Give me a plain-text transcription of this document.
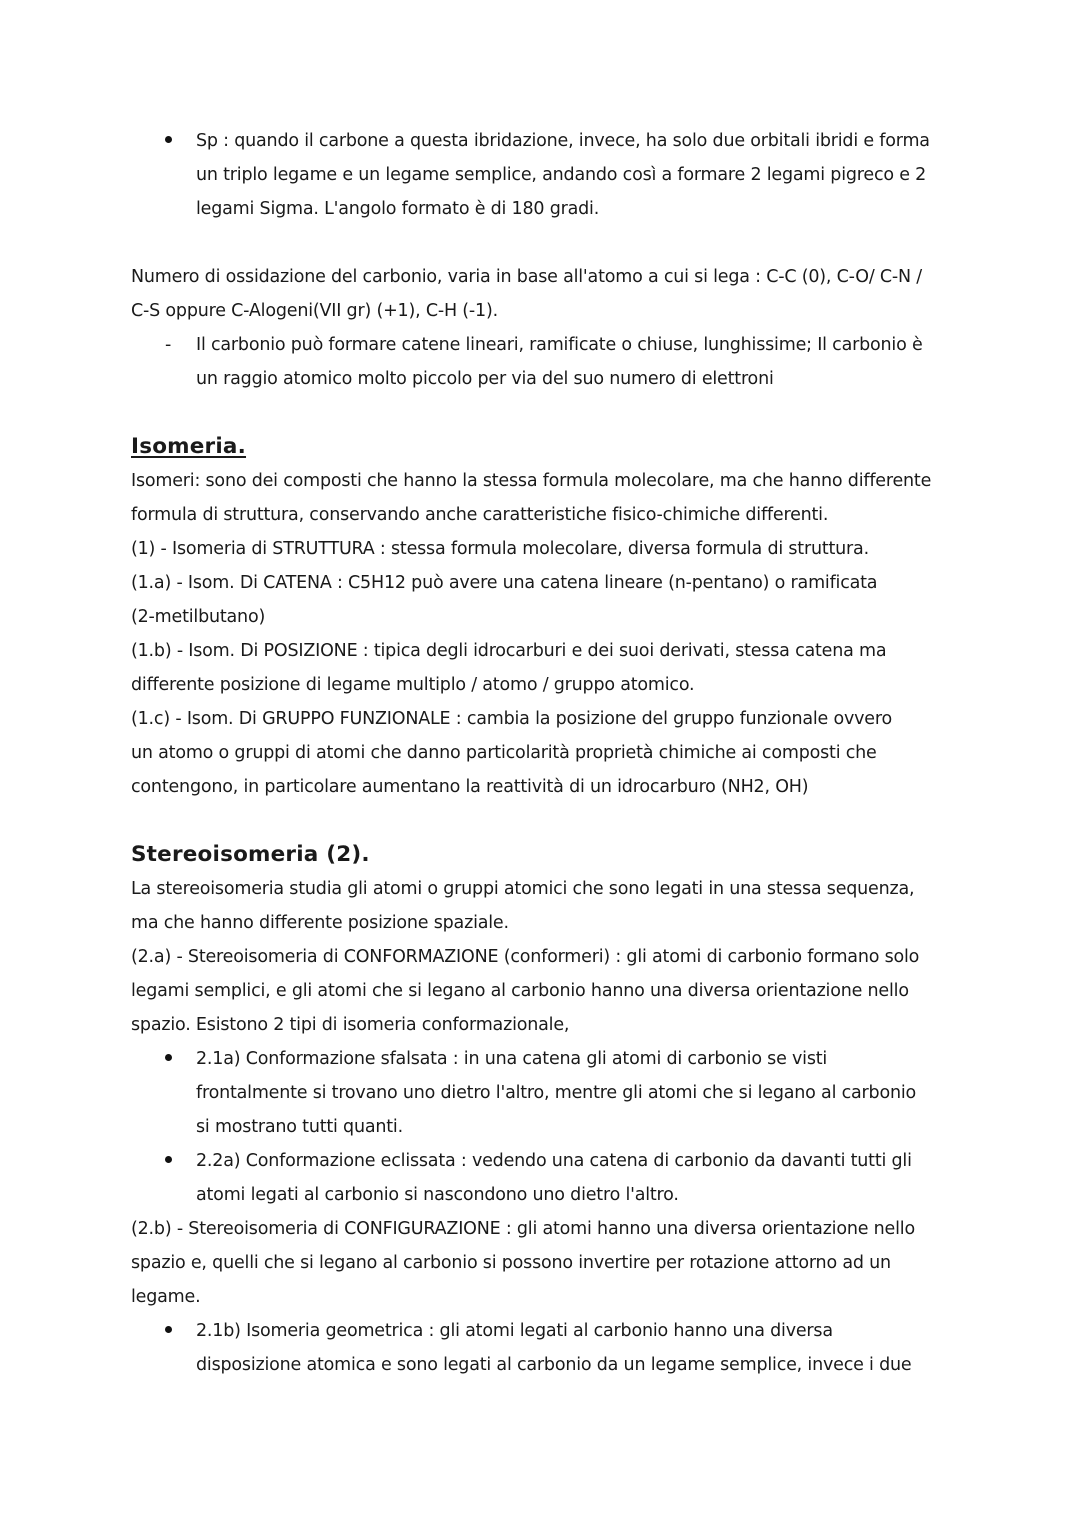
Sp : quando il carbone a questa ibridazione, invece, ha solo due orbitali ibridi e forma
un triplo legame e un legame semplice, andando così a formare 2 legami pigreco e 2
legami Sigma. L'angolo formato è di 180 gradi.
Numero di ossidazione del carbonio, varia in base all'atomo a cui si lega : C-C (0), C-O/ C-N /
C-S oppure C-Alogeni(VII gr) (+1), C-H (-1).
- Il carbonio può formare catene lineari, ramificate o chiuse, lunghissime; Il carbonio è
un raggio atomico molto piccolo per via del suo numero di elettroni
Isomeria.
Isomeri: sono dei composti che hanno la stessa formula molecolare, ma che hanno differente
formula di struttura, conservando anche caratteristiche fisico-chimiche differenti.
(1) - Isomeria di STRUTTURA : stessa formula molecolare, diversa formula di struttura.
(1.a) - Isom. Di CATENA : C5H12 può avere una catena lineare (n-pentano) o ramificata
(2-metilbutano)
(1.b) - Isom. Di POSIZIONE : tipica degli idrocarburi e dei suoi derivati, stessa catena ma
differente posizione di legame multiplo / atomo / gruppo atomico.
(1.c) - Isom. Di GRUPPO FUNZIONALE : cambia la posizione del gruppo funzionale ovvero
un atomo o gruppi di atomi che danno particolarità proprietà chimiche ai composti che
contengono, in particolare aumentano la reattività di un idrocarburo (NH2, OH)
Stereoisomeria (2).
La stereoisomeria studia gli atomi o gruppi atomici che sono legati in una stessa sequenza,
ma che hanno differente posizione spaziale.
(2.a) - Stereoisomeria di CONFORMAZIONE (conformeri) : gli atomi di carbonio formano solo
legami semplici, e gli atomi che si legano al carbonio hanno una diversa orientazione nello
spazio. Esistono 2 tipi di isomeria conformazionale,
2.1a) Conformazione sfalsata : in una catena gli atomi di carbonio se visti
frontalmente si trovano uno dietro l'altro, mentre gli atomi che si legano al carbonio
si mostrano tutti quanti.
2.2a) Conformazione eclissata : vedendo una catena di carbonio da davanti tutti gli
atomi legati al carbonio si nascondono uno dietro l'altro.
(2.b) - Stereoisomeria di CONFIGURAZIONE : gli atomi hanno una diversa orientazione nello
spazio e, quelli che si legano al carbonio si possono invertire per rotazione attorno ad un
legame.
2.1b) Isomeria geometrica : gli atomi legati al carbonio hanno una diversa
disposizione atomica e sono legati al carbonio da un legame semplice, invece i due
